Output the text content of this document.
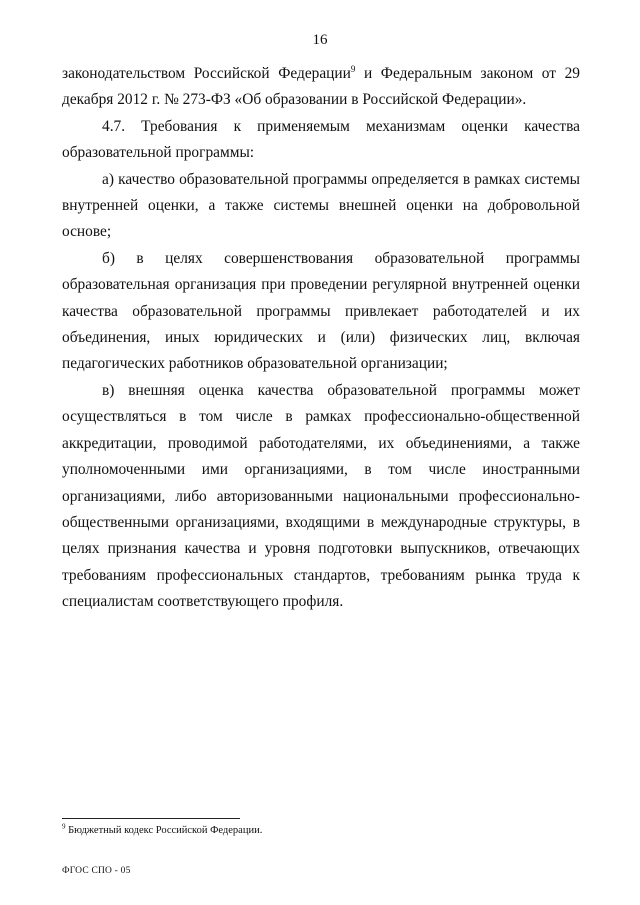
16

законодательством Российской Федерации$^9$ и Федеральным законом от 29 декабря 2012 г. № 273-ФЗ «Об образовании в Российской Федерации».

4.7. Требования к применяемым механизмам оценки качества образовательной программы:

а) качество образовательной программы определяется в рамках системы внутренней оценки, а также системы внешней оценки на добровольной основе;

б) в целях совершенствования образовательной программы образовательная организация при проведении регулярной внутренней оценки качества образовательной программы привлекает работодателей и их объединения, иных юридических и (или) физических лиц, включая педагогических работников образовательной организации;

в) внешняя оценка качества образовательной программы может осуществляться в том числе в рамках профессионально-общественной аккредитации, проводимой работодателями, их объединениями, а также уполномоченными ими организациями, в том числе иностранными организациями, либо авторизованными национальными профессионально-общественными организациями, входящими в международные структуры, в целях признания качества и уровня подготовки выпускников, отвечающих требованиям профессиональных стандартов, требованиям рынка труда к специалистам соответствующего профиля.

$^9$ Бюджетный кодекс Российской Федерации.
ФГОС СПО - 05
